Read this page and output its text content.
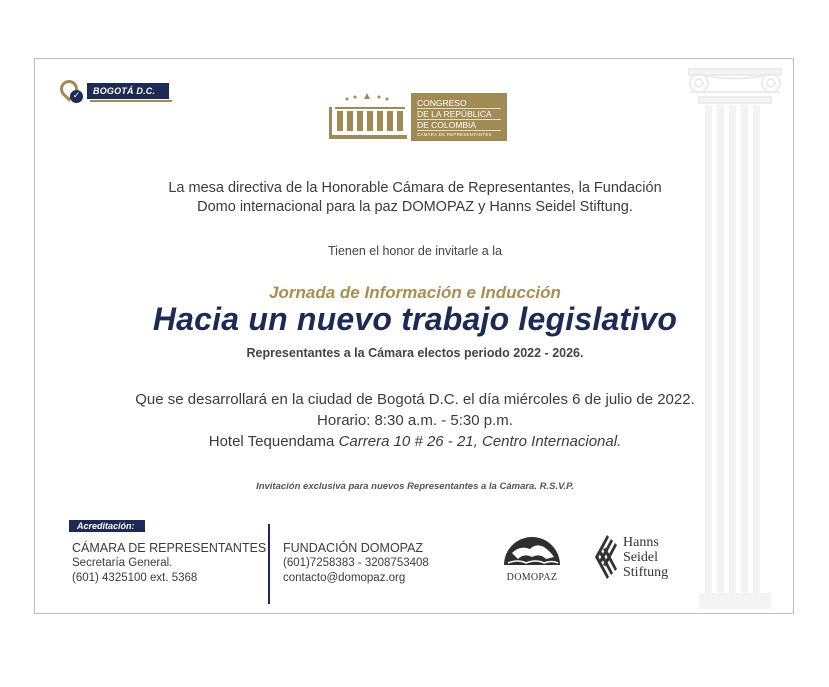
✓	BOGOTÁ D.C.
CONGRESO
DE LA REPÚBLICA
DE COLOMBIA
CÁMARA DE REPRESENTANTES
La mesa directiva de la Honorable Cámara de Representantes, la Fundación
Domo internacional para la paz DOMOPAZ y Hanns Seidel Stiftung.
Tienen el honor de invitarle a la
Jornada de Información e Inducción
Hacia un nuevo trabajo legislativo
Representantes a la Cámara electos periodo 2022 - 2026.
Que se desarrollará en la ciudad de Bogotá D.C. el día miércoles 6 de julio de 2022.
Horario: 8:30 a.m. - 5:30 p.m.
Hotel Tequendama Carrera 10 # 26 - 21, Centro Internacional.
Invitación exclusiva para nuevos Representantes a la Cámara. R.S.V.P.
Acreditación:
CÁMARA DE REPRESENTANTES
Secretaría General.
(601) 4325100 ext. 5368
FUNDACIÓN DOMOPAZ
(601)7258383 - 3208753408
contacto@domopaz.org	DOMOPAZ
Hanns
Seidel
Stiftung
